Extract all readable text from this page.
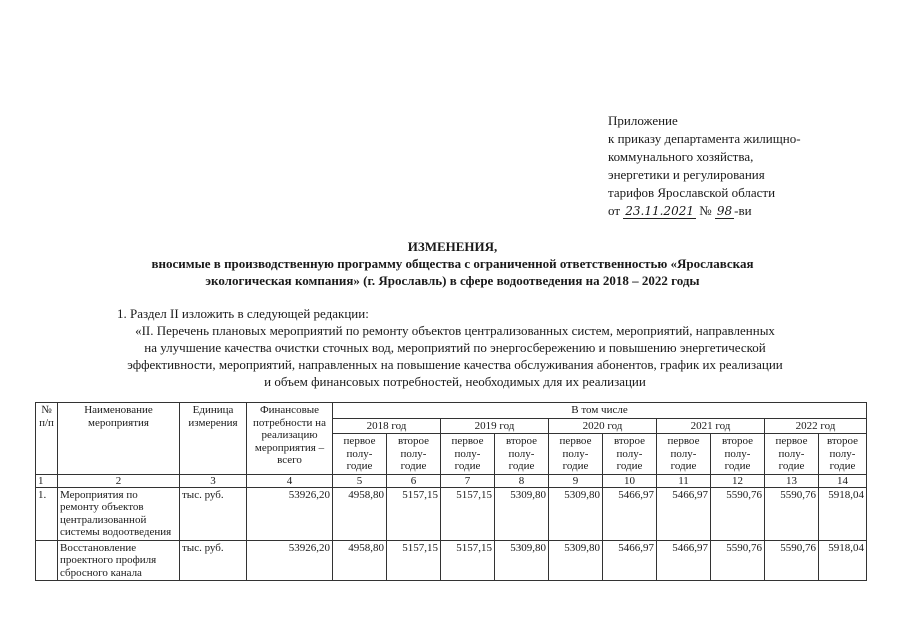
Приложение
к приказу департамента жилищно-
коммунального хозяйства,
энергетики и регулирования
тарифов Ярославской области
от 23.11.2021 № 98 -ви
ИЗМЕНЕНИЯ,
вносимые в производственную программу общества с ограниченной ответственностью «Ярославская
экологическая компания» (г. Ярославль) в сфере водоотведения на 2018 – 2022 годы
1. Раздел II изложить в следующей редакции:
«II. Перечень плановых мероприятий по ремонту объектов централизованных систем, мероприятий, направленных
на улучшение качества очистки сточных вод, мероприятий по энергосбережению и повышению энергетической
эффективности, мероприятий, направленных на повышение качества обслуживания абонентов, график их реализации
и объем финансовых потребностей, необходимых для их реализации
№ п/п	Наименование мероприятия	Единица измерения	Финансовые потребности на реализацию мероприятия – всего	В том числе									
				2018 год		2019 год		2020 год		2021 год		2022 год	
				первое полу-годие	второе полу-годие	первое полу-годие	второе полу-годие	первое полу-годие	второе полу-годие	первое полу-годие	второе полу-годие	первое полу-годие	второе полу-годие
1	2	3	4	5	6	7	8	9	10	11	12	13	14
1.	Мероприятия по ремонту объектов централизованной системы водоотведения	тыс. руб.	53926,20	4958,80	5157,15	5157,15	5309,80	5309,80	5466,97	5466,97	5590,76	5590,76	5918,04
	Восстановление проектного профиля сбросного канала	тыс. руб.	53926,20	4958,80	5157,15	5157,15	5309,80	5309,80	5466,97	5466,97	5590,76	5590,76	5918,04
